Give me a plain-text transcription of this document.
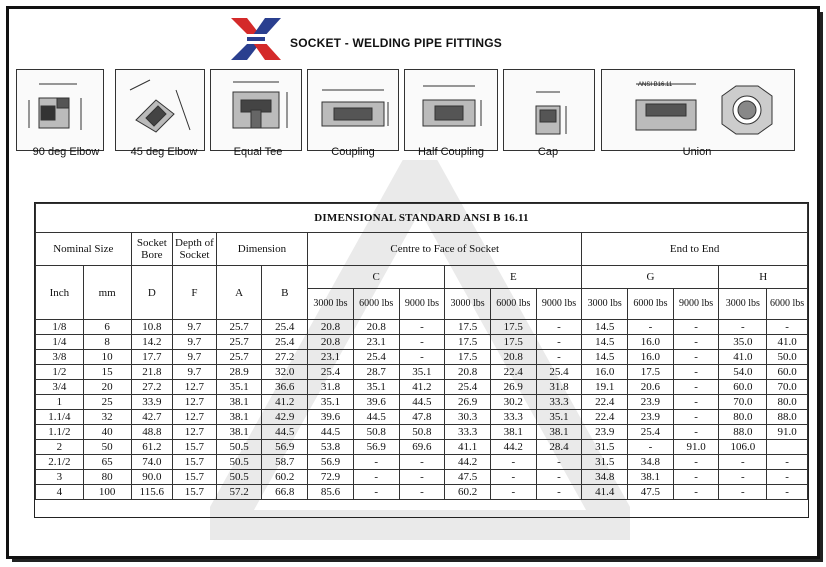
SOCKET - WELDING PIPE FITTINGS
90 deg Elbow	45 deg Elbow	Equal Tee	Coupling	Half Coupling	Cap
ANSI B16.11
Union
DIMENSIONAL STANDARD ANSI B 16.11																
Nominal Size		Socket Bore	Depth of Socket	Dimension		Centre to Face of Socket						End to End				
Inch	mm	D	F	A	B	C			E			G			H	
						3000 lbs	6000 lbs	9000 lbs	3000 lbs	6000 lbs	9000 lbs	3000 lbs	6000 lbs	9000 lbs	3000 lbs	6000 lbs
1/8	6	10.8	9.7	25.7	25.4	20.8	20.8	-	17.5	17.5	-	14.5	-	-	-	-
1/4	8	14.2	9.7	25.7	25.4	20.8	23.1	-	17.5	17.5	-	14.5	16.0	-	35.0	41.0
3/8	10	17.7	9.7	25.7	27.2	23.1	25.4	-	17.5	20.8	-	14.5	16.0	-	41.0	50.0
1/2	15	21.8	9.7	28.9	32.0	25.4	28.7	35.1	20.8	22.4	25.4	16.0	17.5	-	54.0	60.0
3/4	20	27.2	12.7	35.1	36.6	31.8	35.1	41.2	25.4	26.9	31.8	19.1	20.6	-	60.0	70.0
1	25	33.9	12.7	38.1	41.2	35.1	39.6	44.5	26.9	30.2	33.3	22.4	23.9	-	70.0	80.0
1.1/4	32	42.7	12.7	38.1	42.9	39.6	44.5	47.8	30.3	33.3	35.1	22.4	23.9	-	80.0	88.0
1.1/2	40	48.8	12.7	38.1	44.5	44.5	50.8	50.8	33.3	38.1	38.1	23.9	25.4	-	88.0	91.0
2	50	61.2	15.7	50.5	56.9	53.8	56.9	69.6	41.1	44.2	28.4	31.5	-	91.0	106.0	
2.1/2	65	74.0	15.7	50.5	58.7	56.9	-	-	44.2	-	-	31.5	34.8	-	-	-
3	80	90.0	15.7	50.5	60.2	72.9	-	-	47.5	-	-	34.8	38.1	-	-	-
4	100	115.6	15.7	57.2	66.8	85.6	-	-	60.2	-	-	41.4	47.5	-	-	-
